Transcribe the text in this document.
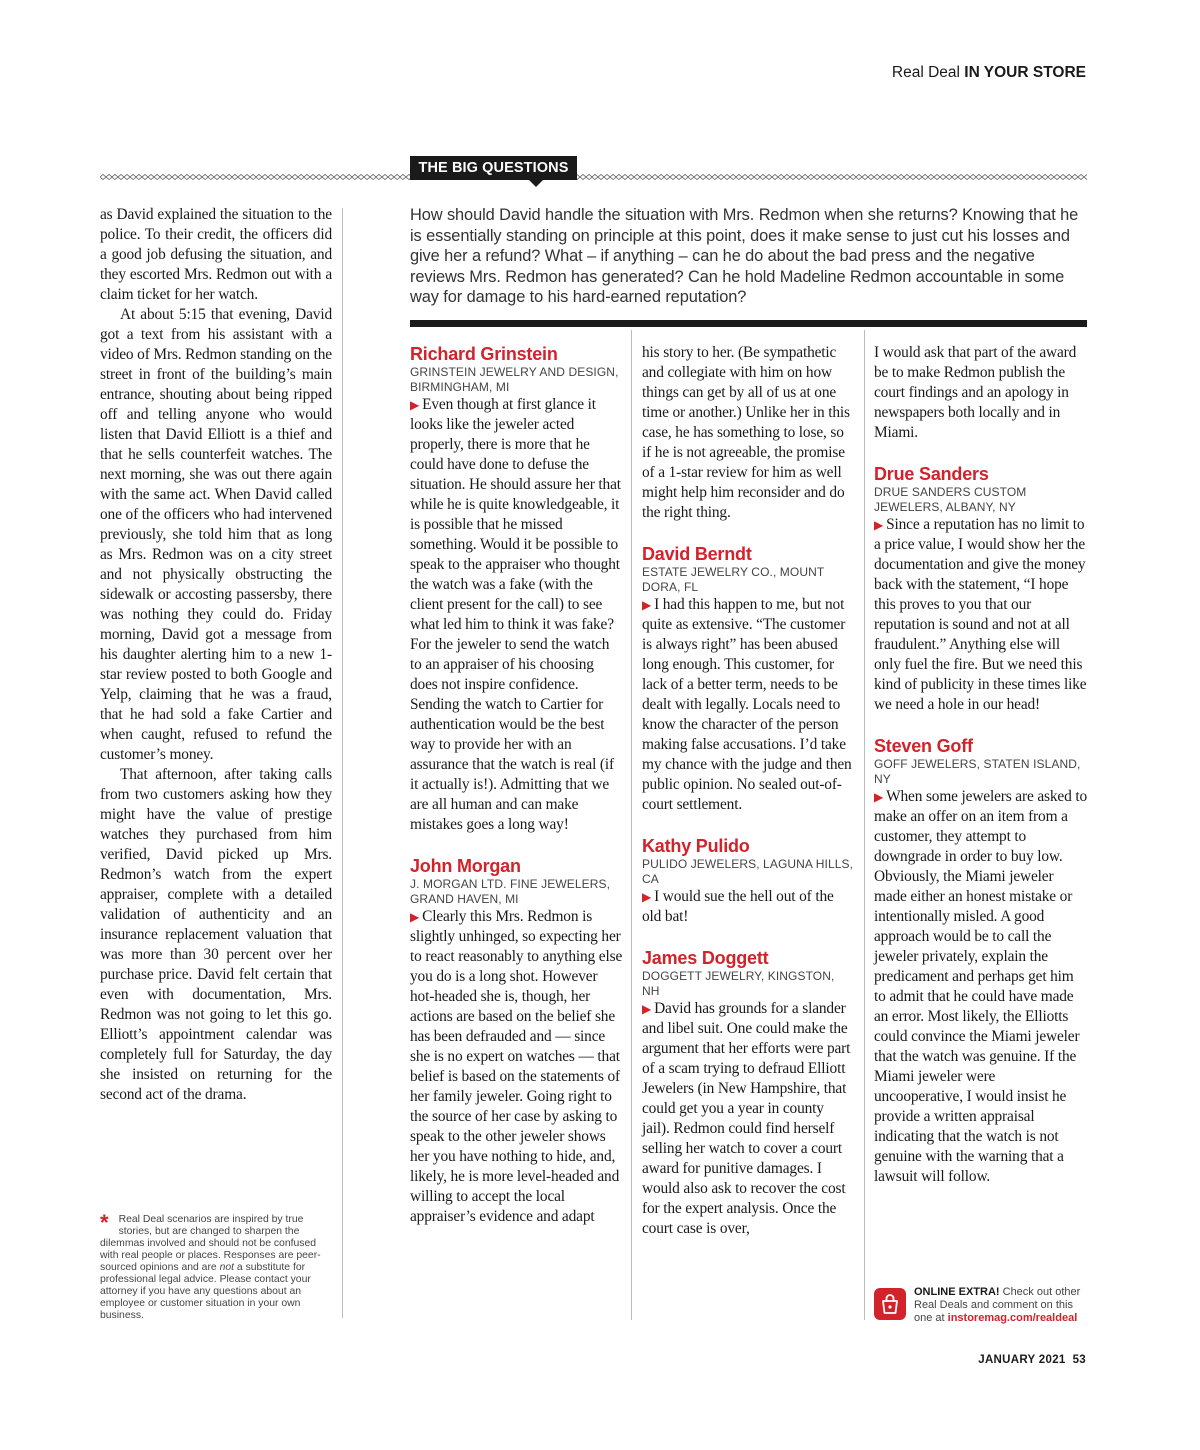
Real Deal IN YOUR STORE
THE BIG QUESTIONS

as David explained the situation to the police. To their credit, the officers did a good job defusing the situation, and they escorted Mrs. Redmon out with a claim ticket for her watch.

At about 5:15 that evening, David got a text from his assistant with a video of Mrs. Redmon standing on the street in front of the building’s main entrance, shouting about being ripped off and telling anyone who would listen that David Elliott is a thief and that he sells counterfeit watches. The next morning, she was out there again with the same act. When David called one of the officers who had intervened previously, she told him that as long as Mrs. Redmon was on a city street and not physically obstructing the sidewalk or accosting passersby, there was nothing they could do. Friday morning, David got a message from his daughter alerting him to a new 1-star review posted to both Google and Yelp, claiming that he was a fraud, that he had sold a fake Cartier and when caught, refused to refund the customer’s money.

That afternoon, after taking calls from two customers asking how they might have the value of prestige watches they purchased from him verified, David picked up Mrs. Redmon’s watch from the expert appraiser, complete with a detailed validation of authenticity and an insurance replacement valuation that was more than 30 percent over her purchase price. David felt certain that even with documentation, Mrs. Redmon was not going to let this go. Elliott’s appointment calendar was completely full for Saturday, the day she insisted on returning for the second act of the drama.

* Real Deal scenarios are inspired by true stories, but are changed to sharpen the dilemmas involved and should not be confused with real people or places. Responses are peer-sourced opinions and are not a substitute for professional legal advice. Please contact your attorney if you have any questions about an employee or customer situation in your own business.
How should David handle the situation with Mrs. Redmon when she returns? Knowing that he is essentially standing on principle at this point, does it make sense to just cut his losses and give her a refund? What – if anything – can he do about the bad press and the negative reviews Mrs. Redmon has generated? Can he hold Madeline Redmon accountable in some way for damage to his hard-earned reputation?

Richard Grinstein

GRINSTEIN JEWELRY AND DESIGN, BIRMINGHAM, MI

▶ Even though at first glance it looks like the jeweler acted properly, there is more that he could have done to defuse the situation. He should assure her that while he is quite knowledgeable, it is possible that he missed something. Would it be possible to speak to the appraiser who thought the watch was a fake (with the client present for the call) to see what led him to think it was fake? For the jeweler to send the watch to an appraiser of his choosing does not inspire confidence. Sending the watch to Cartier for authentication would be the best way to provide her with an assurance that the watch is real (if it actually is!). Admitting that we are all human and can make mistakes goes a long way!

John Morgan

J. MORGAN LTD. FINE JEWELERS, GRAND HAVEN, MI

▶ Clearly this Mrs. Redmon is slightly unhinged, so expecting her to react reasonably to anything else you do is a long shot. However hot-headed she is, though, her actions are based on the belief she has been defrauded and — since she is no expert on watches — that belief is based on the statements of her family jeweler. Going right to the source of her case by asking to speak to the other jeweler shows her you have nothing to hide, and, likely, he is more level-headed and willing to accept the local appraiser’s evidence and adapt

his story to her. (Be sympathetic and collegiate with him on how things can get by all of us at one time or another.) Unlike her in this case, he has something to lose, so if he is not agreeable, the promise of a 1-star review for him as well might help him reconsider and do the right thing.

David Berndt

ESTATE JEWELRY CO., MOUNT DORA, FL

▶ I had this happen to me, but not quite as extensive. “The customer is always right” has been abused long enough. This customer, for lack of a better term, needs to be dealt with legally. Locals need to know the character of the person making false accusations. I’d take my chance with the judge and then public opinion. No sealed out-of-court settlement.

Kathy Pulido

PULIDO JEWELERS, LAGUNA HILLS, CA

▶ I would sue the hell out of the old bat!

James Doggett

DOGGETT JEWELRY, KINGSTON, NH

▶ David has grounds for a slander and libel suit. One could make the argument that her efforts were part of a scam trying to defraud Elliott Jewelers (in New Hampshire, that could get you a year in county jail). Redmon could find herself selling her watch to cover a court award for punitive damages. I would also ask to recover the cost for the expert analysis. Once the court case is over,

I would ask that part of the award be to make Redmon publish the court findings and an apology in newspapers both locally and in Miami.

Drue Sanders

DRUE SANDERS CUSTOM JEWELERS, ALBANY, NY

▶ Since a reputation has no limit to a price value, I would show her the documentation and give the money back with the statement, “I hope this proves to you that our reputation is sound and not at all fraudulent.” Anything else will only fuel the fire. But we need this kind of publicity in these times like we need a hole in our head!

Steven Goff

GOFF JEWELERS, STATEN ISLAND, NY

▶ When some jewelers are asked to make an offer on an item from a customer, they attempt to downgrade in order to buy low. Obviously, the Miami jeweler made either an honest mistake or intentionally misled. A good approach would be to call the jeweler privately, explain the predicament and perhaps get him to admit that he could have made an error. Most likely, the Elliotts could convince the Miami jeweler that the watch was genuine. If the Miami jeweler were uncooperative, I would insist he provide a written appraisal indicating that the watch is not genuine with the warning that a lawsuit will follow.

ONLINE EXTRA! Check out other Real Deals and comment on this one at instoremag.com/realdeal
JANUARY 2021 53
